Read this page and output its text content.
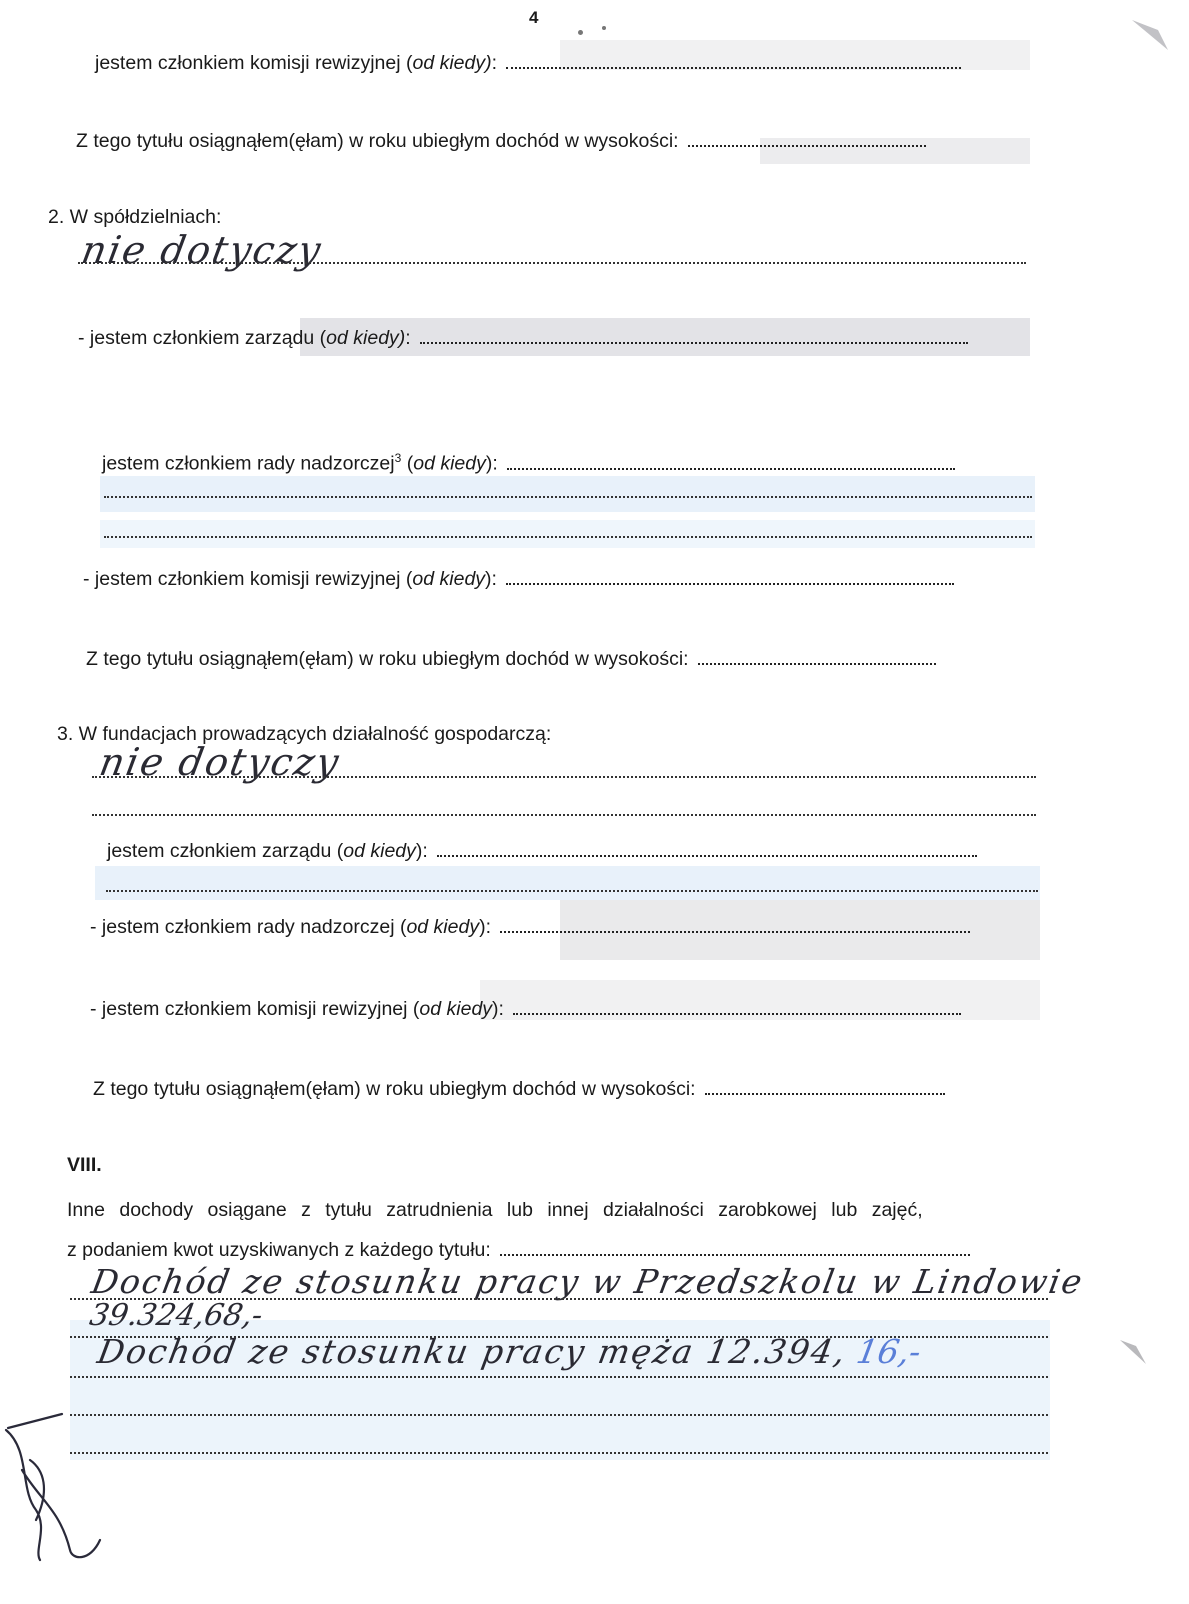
4
jestem członkiem komisji rewizyjnej (od kiedy):
Z tego tytułu osiągnąłem(ęłam) w roku ubiegłym dochód w wysokości:
2. W spółdzielniach:
nie dotyczy
- jestem członkiem zarządu (od kiedy):
jestem członkiem rady nadzorczej$^3$ (od kiedy):
- jestem członkiem komisji rewizyjnej (od kiedy):
Z tego tytułu osiągnąłem(ęłam) w roku ubiegłym dochód w wysokości:
3. W fundacjach prowadzących działalność gospodarczą:
nie dotyczy
jestem członkiem zarządu (od kiedy):
- jestem członkiem rady nadzorczej (od kiedy):
- jestem członkiem komisji rewizyjnej (od kiedy):
Z tego tytułu osiągnąłem(ęłam) w roku ubiegłym dochód w wysokości:
VIII.
Inne dochody osiągane z tytułu zatrudnienia lub innej działalności zarobkowej lub zajęć,
z podaniem kwot uzyskiwanych z każdego tytułu:
Dochód ze stosunku pracy w Przedszkolu w Lindowie
39.324,68,-
Dochód ze stosunku pracy męża 12.394,16,-
